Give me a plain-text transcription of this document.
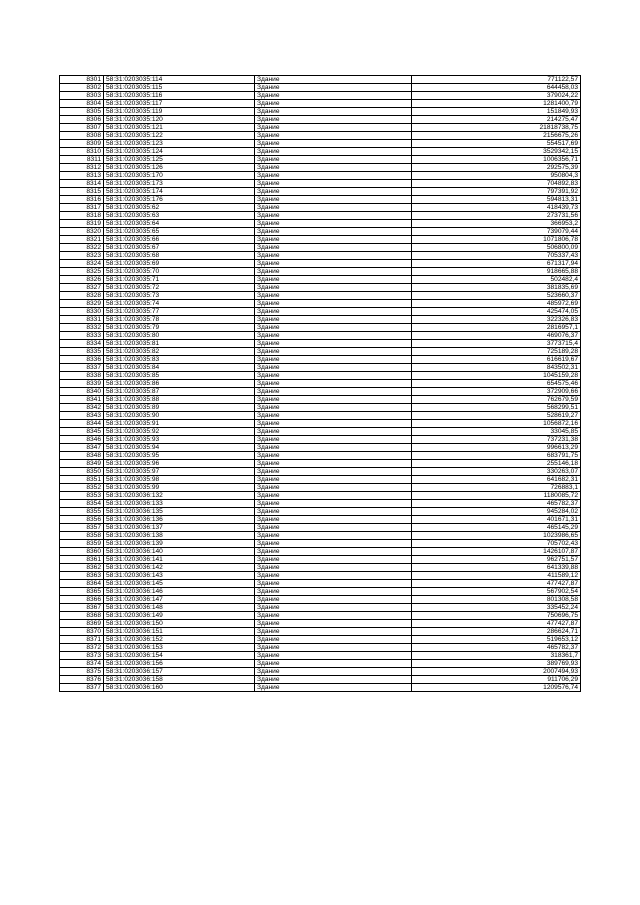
8301	58:31:0203035:114	Здание	771122,57
8302	58:31:0203035:115	Здание	644458,03
8303	58:31:0203035:116	Здание	379024,22
8304	58:31:0203035:117	Здание	1281400,79
8305	58:31:0203035:119	Здание	151849,93
8306	58:31:0203035:120	Здание	214275,47
8307	58:31:0203035:121	Здание	21818738,75
8308	58:31:0203035:122	Здание	2156675,26
8309	58:31:0203035:123	Здание	554517,69
8310	58:31:0203035:124	Здание	3529342,15
8311	58:31:0203035:125	Здание	1006356,71
8312	58:31:0203035:126	Здание	292575,39
8313	58:31:0203035:170	Здание	950804,3
8314	58:31:0203035:173	Здание	704892,83
8315	58:31:0203035:174	Здание	797391,92
8316	58:31:0203035:176	Здание	594813,31
8317	58:31:0203035:62	Здание	418439,73
8318	58:31:0203035:63	Здание	273731,56
8319	58:31:0203035:64	Здание	366953,2
8320	58:31:0203035:65	Здание	739079,44
8321	58:31:0203035:66	Здание	1071806,78
8322	58:31:0203035:67	Здание	506800,09
8323	58:31:0203035:68	Здание	705337,43
8324	58:31:0203035:69	Здание	671317,94
8325	58:31:0203035:70	Здание	918665,88
8326	58:31:0203035:71	Здание	502482,4
8327	58:31:0203035:72	Здание	381835,69
8328	58:31:0203035:73	Здание	523660,37
8329	58:31:0203035:74	Здание	485972,69
8330	58:31:0203035:77	Здание	425474,05
8331	58:31:0203035:78	Здание	322326,83
8332	58:31:0203035:79	Здание	2816957,1
8333	58:31:0203035:80	Здание	469076,37
8334	58:31:0203035:81	Здание	3773715,4
8335	58:31:0203035:82	Здание	725189,28
8336	58:31:0203035:83	Здание	616619,67
8337	58:31:0203035:84	Здание	843502,31
8338	58:31:0203035:85	Здание	1045159,28
8339	58:31:0203035:86	Здание	654575,46
8340	58:31:0203035:87	Здание	372909,66
8341	58:31:0203035:88	Здание	762679,59
8342	58:31:0203035:89	Здание	568299,51
8343	58:31:0203035:90	Здание	528619,27
8344	58:31:0203035:91	Здание	1056872,16
8345	58:31:0203035:92	Здание	33045,85
8346	58:31:0203035:93	Здание	737231,38
8347	58:31:0203035:94	Здание	996613,29
8348	58:31:0203035:95	Здание	683791,75
8349	58:31:0203035:96	Здание	255146,18
8350	58:31:0203035:97	Здание	330263,07
8351	58:31:0203035:98	Здание	641682,31
8352	58:31:0203035:99	Здание	726883,1
8353	58:31:0203036:132	Здание	1180085,72
8354	58:31:0203036:133	Здание	465782,37
8355	58:31:0203036:135	Здание	945284,02
8356	58:31:0203036:136	Здание	401671,31
8357	58:31:0203036:137	Здание	465145,29
8358	58:31:0203036:138	Здание	1023986,65
8359	58:31:0203036:139	Здание	705702,43
8360	58:31:0203036:140	Здание	1426107,87
8361	58:31:0203036:141	Здание	962751,57
8362	58:31:0203036:142	Здание	641339,88
8363	58:31:0203036:143	Здание	411589,12
8364	58:31:0203036:145	Здание	477427,87
8365	58:31:0203036:146	Здание	567902,54
8366	58:31:0203036:147	Здание	801308,58
8367	58:31:0203036:148	Здание	335452,24
8368	58:31:0203036:149	Здание	750696,75
8369	58:31:0203036:150	Здание	477427,87
8370	58:31:0203036:151	Здание	286624,71
8371	58:31:0203036:152	Здание	519653,12
8372	58:31:0203036:153	Здание	465782,37
8373	58:31:0203036:154	Здание	318361,7
8374	58:31:0203036:156	Здание	389769,93
8375	58:31:0203036:157	Здание	2007494,93
8376	58:31:0203036:158	Здание	911706,29
8377	58:31:0203036:160	Здание	1209576,74
